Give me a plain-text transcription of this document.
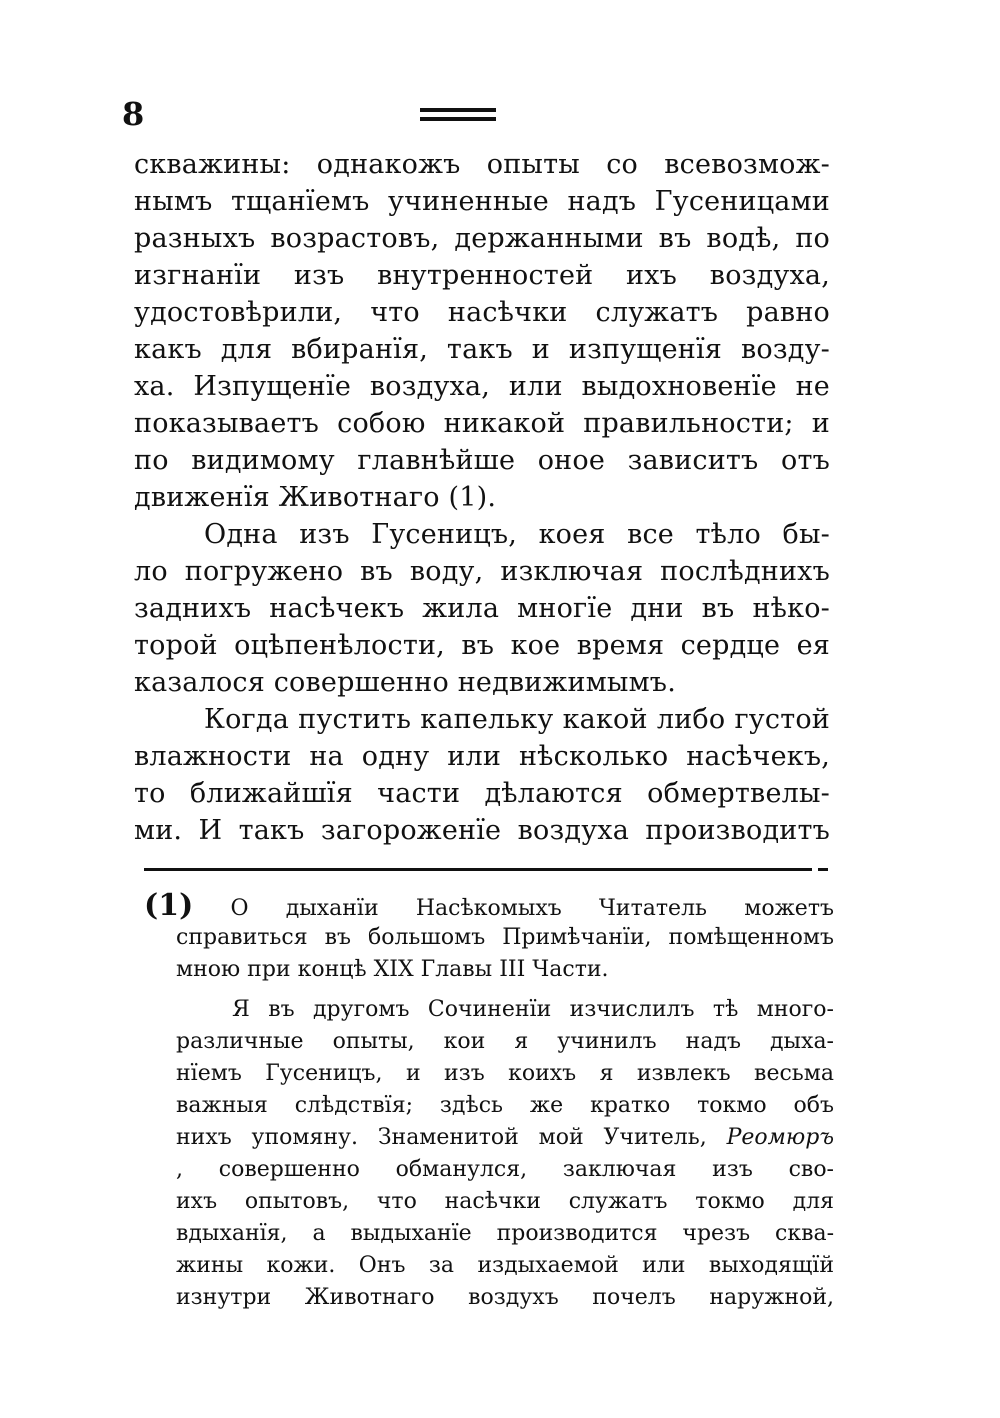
8
скважины: однакожъ опыты со всевозмож-
нымъ тщанїемъ учиненные надъ Гусеницами
разныхъ возрастовъ, держанными въ водѣ, по
изгнанїи изъ внутренностей ихъ воздуха,
удостовѣрили, что насѣчки служатъ равно
какъ для вбиранїя, такъ и изпущенїя возду-
ха. Изпущенїе воздуха, или выдохновенїе не
показываетъ собою никакой правильности; и
по видимому главнѣйше оное зависитъ отъ
движенїя Животнаго (1).
Одна изъ Гусеницъ, коея все тѣло бы-
ло погружено въ воду, изключая послѣднихъ
заднихъ насѣчекъ жила многїе дни въ нѣко-
торой оцѣпенѣлости, въ кое время сердце ея
казалося совершенно недвижимымъ.
Когда пустить капельку какой либо густой
влажности на одну или нѣсколько насѣчекъ,
то ближайшїя части дѣлаются обмертвелы-
ми. И такъ загороженїе воздуха производитъ
(1) О дыханїи Насѣкомыхъ Читатель можетъ
справиться въ большомъ Примѣчанїи, помѣщенномъ
мною при концѣ XIX Главы III Части.
Я въ другомъ Сочиненїи изчислилъ тѣ много-
различные опыты, кои я учинилъ надъ дыха-
нїемъ Гусеницъ, и изъ коихъ я извлекъ весьма
важныя слѣдствїя; здѣсь же кратко токмо объ
нихъ упомяну. Знаменитой мой Учитель, Реомюръ
, совершенно обманулся, заключая изъ сво-
ихъ опытовъ, что насѣчки служатъ токмо для
вдыханїя, а выдыханїе производится чрезъ сква-
жины кожи. Онъ за издыхаемой или выходящїй
изнутри Животнаго воздухъ почелъ наружной,
